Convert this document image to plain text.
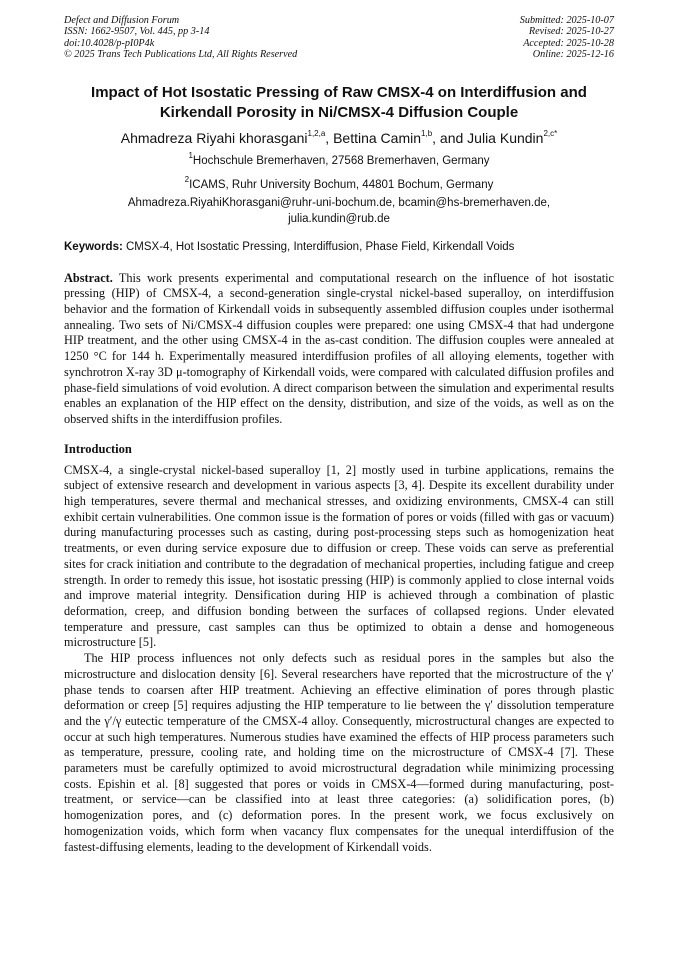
Defect and Diffusion Forum
ISSN: 1662-9507, Vol. 445, pp 3-14
doi:10.4028/p-pI0P4k
© 2025 Trans Tech Publications Ltd, All Rights Reserved
Submitted: 2025-10-07
Revised: 2025-10-27
Accepted: 2025-10-28
Online: 2025-12-16
Impact of Hot Isostatic Pressing of Raw CMSX-4 on Interdiffusion and Kirkendall Porosity in Ni/CMSX-4 Diffusion Couple
Ahmadreza Riyahi khorasgani$^{1,2,a}$, Bettina Camin$^{1,b}$, and Julia Kundin$^{2,c*}$
$^1$Hochschule Bremerhaven, 27568 Bremerhaven, Germany
$^2$ICAMS, Ruhr University Bochum, 44801 Bochum, Germany
Ahmadreza.RiyahiKhorasgani@ruhr-uni-bochum.de, bcamin@hs-bremerhaven.de,
julia.kundin@rub.de
Keywords: CMSX-4, Hot Isostatic Pressing, Interdiffusion, Phase Field, Kirkendall Voids
Abstract. This work presents experimental and computational research on the influence of hot isostatic pressing (HIP) of CMSX-4, a second-generation single-crystal nickel-based superalloy, on interdiffusion behavior and the formation of Kirkendall voids in subsequently assembled diffusion couples under isothermal annealing. Two sets of Ni/CMSX-4 diffusion couples were prepared: one using CMSX-4 that had undergone HIP treatment, and the other using CMSX-4 in the as-cast condition. The diffusion couples were annealed at 1250 °C for 144 h. Experimentally measured interdiffusion profiles of all alloying elements, together with synchrotron X-ray 3D μ-tomography of Kirkendall voids, were compared with calculated diffusion profiles and phase-field simulations of void evolution. A direct comparison between the simulation and experimental results enables an explanation of the HIP effect on the density, distribution, and size of the voids, as well as on the observed shifts in the interdiffusion profiles.
Introduction
CMSX-4, a single-crystal nickel-based superalloy [1, 2] mostly used in turbine applications, remains the subject of extensive research and development in various aspects [3, 4]. Despite its excellent durability under high temperatures, severe thermal and mechanical stresses, and oxidizing environments, CMSX-4 can still exhibit certain vulnerabilities. One common issue is the formation of pores or voids (filled with gas or vacuum) during manufacturing processes such as casting, during post-processing steps such as homogenization heat treatments, or even during service exposure due to diffusion or creep. These voids can serve as preferential sites for crack initiation and contribute to the degradation of mechanical properties, including fatigue and creep strength. In order to remedy this issue, hot isostatic pressing (HIP) is commonly applied to close internal voids and improve material integrity. Densification during HIP is achieved through a combination of plastic deformation, creep, and diffusion bonding between the surfaces of collapsed regions. Under elevated temperature and pressure, cast samples can thus be optimized to obtain a dense and homogeneous microstructure [5].
The HIP process influences not only defects such as residual pores in the samples but also the microstructure and dislocation density [6]. Several researchers have reported that the microstructure of the γ′ phase tends to coarsen after HIP treatment. Achieving an effective elimination of pores through plastic deformation or creep [5] requires adjusting the HIP temperature to lie between the γ′ dissolution temperature and the γ′/γ eutectic temperature of the CMSX-4 alloy. Consequently, microstructural changes are expected to occur at such high temperatures. Numerous studies have examined the effects of HIP process parameters such as temperature, pressure, cooling rate, and holding time on the microstructure of CMSX-4 [7]. These parameters must be carefully optimized to avoid microstructural degradation while minimizing processing costs. Epishin et al. [8] suggested that pores or voids in CMSX-4—formed during manufacturing, post-treatment, or service—can be classified into at least three categories: (a) solidification pores, (b) homogenization pores, and (c) deformation pores. In the present work, we focus exclusively on homogenization voids, which form when vacancy flux compensates for the unequal interdiffusion of the fastest-diffusing elements, leading to the development of Kirkendall voids.
